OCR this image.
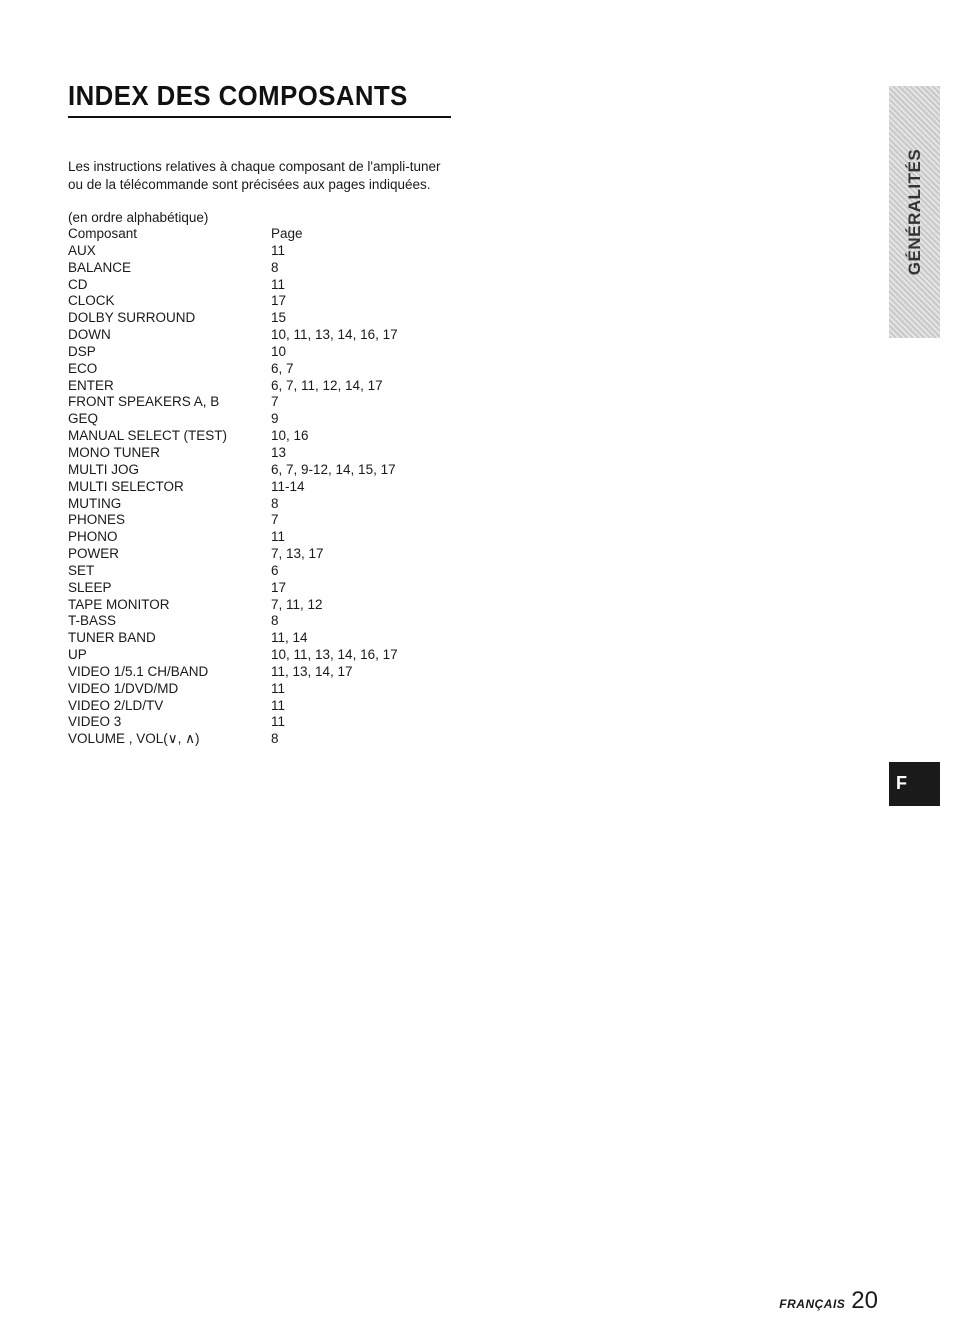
INDEX DES COMPOSANTS

Les instructions relatives à chaque composant de l'ampli-tuner

ou de la télécommande sont précisées aux pages indiquées.

(en ordre alphabétique)
Composant	Page
AUX	11
BALANCE	8
CD	11
CLOCK	17
DOLBY SURROUND	15
DOWN	10, 11, 13, 14, 16, 17
DSP	10
ECO	6, 7
ENTER	6, 7, 11, 12, 14, 17
FRONT SPEAKERS A, B	7
GEQ	9
MANUAL SELECT (TEST)	10, 16
MONO TUNER	13
MULTI JOG	6, 7, 9-12, 14, 15, 17
MULTI SELECTOR	11-14
MUTING	8
PHONES	7
PHONO	11
POWER	7, 13, 17
SET	6
SLEEP	17
TAPE MONITOR	7, 11, 12
T-BASS	8
TUNER BAND	11, 14
UP	10, 11, 13, 14, 16, 17
VIDEO 1/5.1 CH/BAND	11, 13, 14, 17
VIDEO 1/DVD/MD	11
VIDEO 2/LD/TV	11
VIDEO 3	11
VOLUME , VOL(∨, ∧)	8
GÉNÉRALITÉS
F
FRANÇAIS 20
